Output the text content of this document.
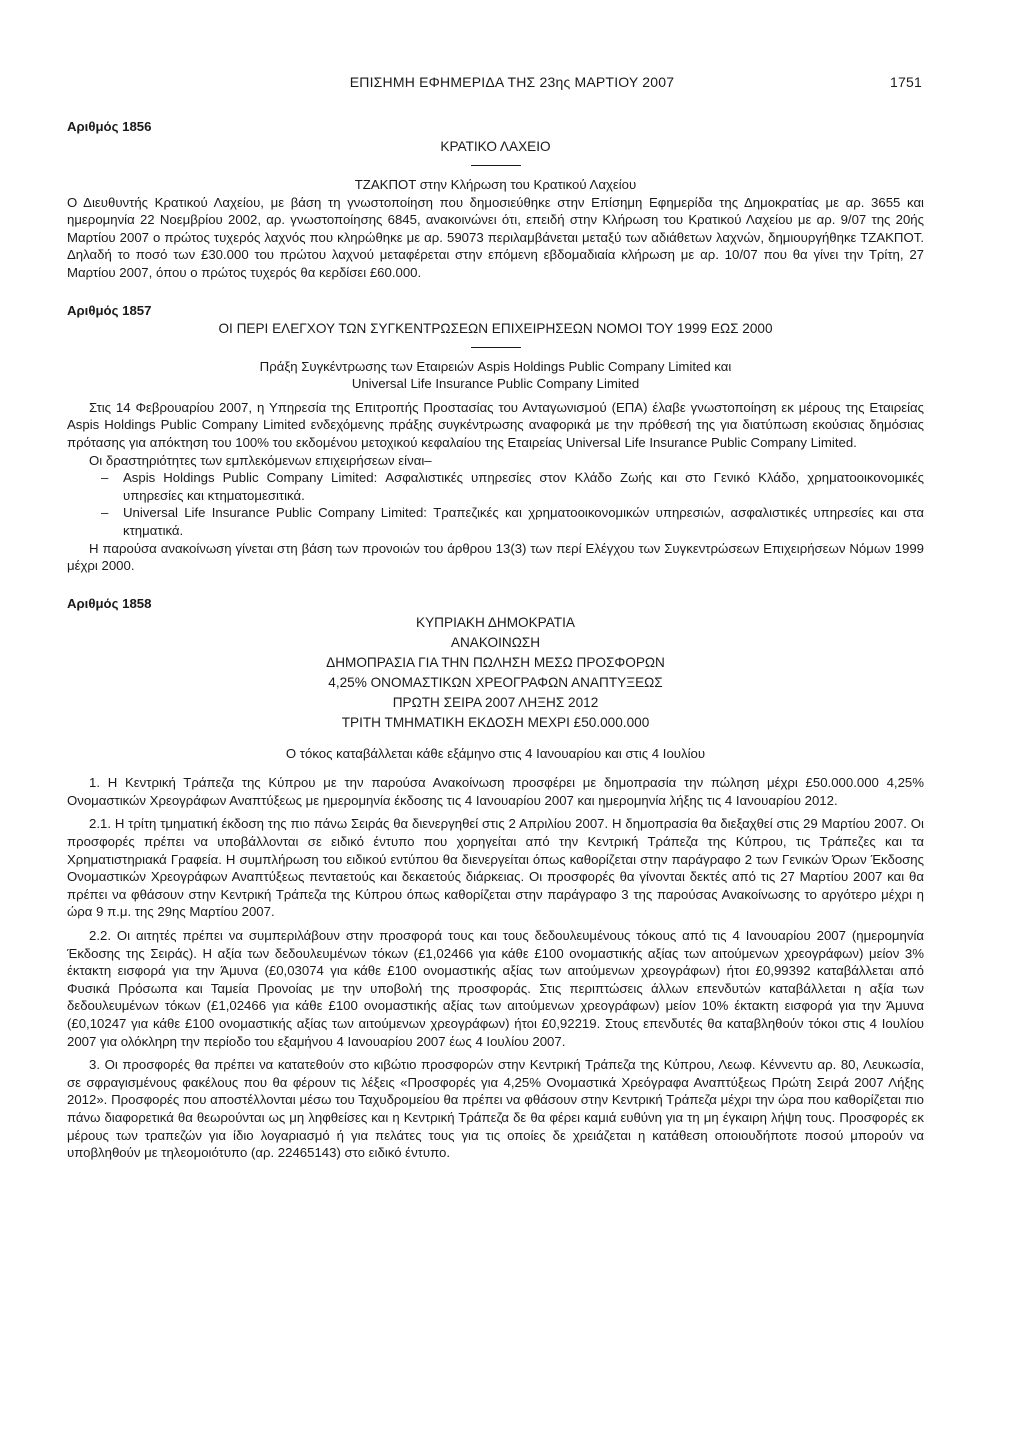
ΕΠΙΣΗΜΗ ΕΦΗΜΕΡΙΔΑ ΤΗΣ 23ης ΜΑΡΤΙΟΥ 2007	1751
Αριθμός 1856
ΚΡΑΤΙΚΟ ΛΑΧΕΙΟ
ΤΖΑΚΠΟΤ στην Κλήρωση του Κρατικού Λαχείου

Ο Διευθυντής Κρατικού Λαχείου, με βάση τη γνωστοποίηση που δημοσιεύθηκε στην Επίσημη Εφημερίδα της Δημοκρατίας με αρ. 3655 και ημερομηνία 22 Νοεμβρίου 2002, αρ. γνωστοποίησης 6845, ανακοινώνει ότι, επειδή στην Κλήρωση του Κρατικού Λαχείου με αρ. 9/07 της 20ής Μαρτίου 2007 ο πρώτος τυχερός λαχνός που κληρώθηκε με αρ. 59073 περιλαμβάνεται μεταξύ των αδιάθετων λαχνών, δημιουργήθηκε ΤΖΑΚΠΟΤ. Δηλαδή το ποσό των £30.000 του πρώτου λαχνού μεταφέρεται στην επόμενη εβδομαδιαία κλήρωση με αρ. 10/07 που θα γίνει την Τρίτη, 27 Μαρτίου 2007, όπου ο πρώτος τυχερός θα κερδίσει £60.000.

Αριθμός 1857
ΟΙ ΠΕΡΙ ΕΛΕΓΧΟΥ ΤΩΝ ΣΥΓΚΕΝΤΡΩΣΕΩΝ ΕΠΙΧΕΙΡΗΣΕΩΝ ΝΟΜΟΙ ΤΟΥ 1999 ΕΩΣ 2000
Πράξη Συγκέντρωσης των Εταιρειών Aspis Holdings Public Company Limited και
Universal Life Insurance Public Company Limited

Στις 14 Φεβρουαρίου 2007, η Υπηρεσία της Επιτροπής Προστασίας του Ανταγωνισμού (ΕΠΑ) έλαβε γνωστοποίηση εκ μέρους της Εταιρείας Aspis Holdings Public Company Limited ενδεχόμενης πράξης συγκέντρωσης αναφορικά με την πρόθεσή της για διατύπωση εκούσιας δημόσιας πρότασης για απόκτηση του 100% του εκδομένου μετοχικού κεφαλαίου της Εταιρείας Universal Life Insurance Public Company Limited.

Οι δραστηριότητες των εμπλεκόμενων επιχειρήσεων είναι–

– Aspis Holdings Public Company Limited: Ασφαλιστικές υπηρεσίες στον Κλάδο Ζωής και στο Γενικό Κλάδο, χρηματοοικονομικές υπηρεσίες και κτηματομεσιτικά.
– Universal Life Insurance Public Company Limited: Τραπεζικές και χρηματοοικονομικών υπηρεσιών, ασφαλιστικές υπηρεσίες και στα κτηματικά.

Η παρούσα ανακοίνωση γίνεται στη βάση των προνοιών του άρθρου 13(3) των περί Ελέγχου των Συγκεντρώσεων Επιχειρήσεων Νόμων 1999 μέχρι 2000.

Αριθμός 1858
ΚΥΠΡΙΑΚΗ ΔΗΜΟΚΡΑΤΙΑ
ΑΝΑΚΟΙΝΩΣΗ
ΔΗΜΟΠΡΑΣΙΑ ΓΙΑ ΤΗΝ ΠΩΛΗΣΗ ΜΕΣΩ ΠΡΟΣΦΟΡΩΝ
4,25% ΟΝΟΜΑΣΤΙΚΩΝ ΧΡΕΟΓΡΑΦΩΝ ΑΝΑΠΤΥΞΕΩΣ
ΠΡΩΤΗ ΣΕΙΡΑ 2007 ΛΗΞΗΣ 2012
ΤΡΙΤΗ ΤΜΗΜΑΤΙΚΗ ΕΚΔΟΣΗ ΜΕΧΡΙ £50.000.000
Ο τόκος καταβάλλεται κάθε εξάμηνο στις 4 Ιανουαρίου και στις 4 Ιουλίου

1. Η Κεντρική Τράπεζα της Κύπρου με την παρούσα Ανακοίνωση προσφέρει με δημοπρασία την πώληση μέχρι £50.000.000 4,25% Ονομαστικών Χρεογράφων Αναπτύξεως με ημερομηνία έκδοσης τις 4 Ιανουαρίου 2007 και ημερομηνία λήξης τις 4 Ιανουαρίου 2012.

2.1. Η τρίτη τμηματική έκδοση της πιο πάνω Σειράς θα διενεργηθεί στις 2 Απριλίου 2007. Η δημοπρασία θα διεξαχθεί στις 29 Μαρτίου 2007. Οι προσφορές πρέπει να υποβάλλονται σε ειδικό έντυπο που χορηγείται από την Κεντρική Τράπεζα της Κύπρου, τις Τράπεζες και τα Χρηματιστηριακά Γραφεία. Η συμπλήρωση του ειδικού εντύπου θα διενεργείται όπως καθορίζεται στην παράγραφο 2 των Γενικών Όρων Έκδοσης Ονομαστικών Χρεογράφων Αναπτύξεως πενταετούς και δεκαετούς διάρκειας. Οι προσφορές θα γίνονται δεκτές από τις 27 Μαρτίου 2007 και θα πρέπει να φθάσουν στην Κεντρική Τράπεζα της Κύπρου όπως καθορίζεται στην παράγραφο 3 της παρούσας Ανακοίνωσης το αργότερο μέχρι η ώρα 9 π.μ. της 29ης Μαρτίου 2007.

2.2. Οι αιτητές πρέπει να συμπεριλάβουν στην προσφορά τους και τους δεδουλευμένους τόκους από τις 4 Ιανουαρίου 2007 (ημερομηνία Έκδοσης της Σειράς). Η αξία των δεδουλευμένων τόκων (£1,02466 για κάθε £100 ονομαστικής αξίας των αιτούμενων χρεογράφων) μείον 3% έκτακτη εισφορά για την Άμυνα (£0,03074 για κάθε £100 ονομαστικής αξίας των αιτούμενων χρεογράφων) ήτοι £0,99392 καταβάλλεται από Φυσικά Πρόσωπα και Ταμεία Προνοίας με την υποβολή της προσφοράς. Στις περιπτώσεις άλλων επενδυτών καταβάλλεται η αξία των δεδουλευμένων τόκων (£1,02466 για κάθε £100 ονομαστικής αξίας των αιτούμενων χρεογράφων) μείον 10% έκτακτη εισφορά για την Άμυνα (£0,10247 για κάθε £100 ονομαστικής αξίας των αιτούμενων χρεογράφων) ήτοι £0,92219. Στους επενδυτές θα καταβληθούν τόκοι στις 4 Ιουλίου 2007 για ολόκληρη την περίοδο του εξαμήνου 4 Ιανουαρίου 2007 έως 4 Ιουλίου 2007.

3. Οι προσφορές θα πρέπει να κατατεθούν στο κιβώτιο προσφορών στην Κεντρική Τράπεζα της Κύπρου, Λεωφ. Κέννεντυ αρ. 80, Λευκωσία, σε σφραγισμένους φακέλους που θα φέρουν τις λέξεις «Προσφορές για 4,25% Ονομαστικά Χρεόγραφα Αναπτύξεως Πρώτη Σειρά 2007 Λήξης 2012». Προσφορές που αποστέλλονται μέσω του Ταχυδρομείου θα πρέπει να φθάσουν στην Κεντρική Τράπεζα μέχρι την ώρα που καθορίζεται πιο πάνω διαφορετικά θα θεωρούνται ως μη ληφθείσες και η Κεντρική Τράπεζα δε θα φέρει καμιά ευθύνη για τη μη έγκαιρη λήψη τους. Προσφορές εκ μέρους των τραπεζών για ίδιο λογαριασμό ή για πελάτες τους για τις οποίες δε χρειάζεται η κατάθεση οποιουδήποτε ποσού μπορούν να υποβληθούν με τηλεομοιότυπο (αρ. 22465143) στο ειδικό έντυπο.
